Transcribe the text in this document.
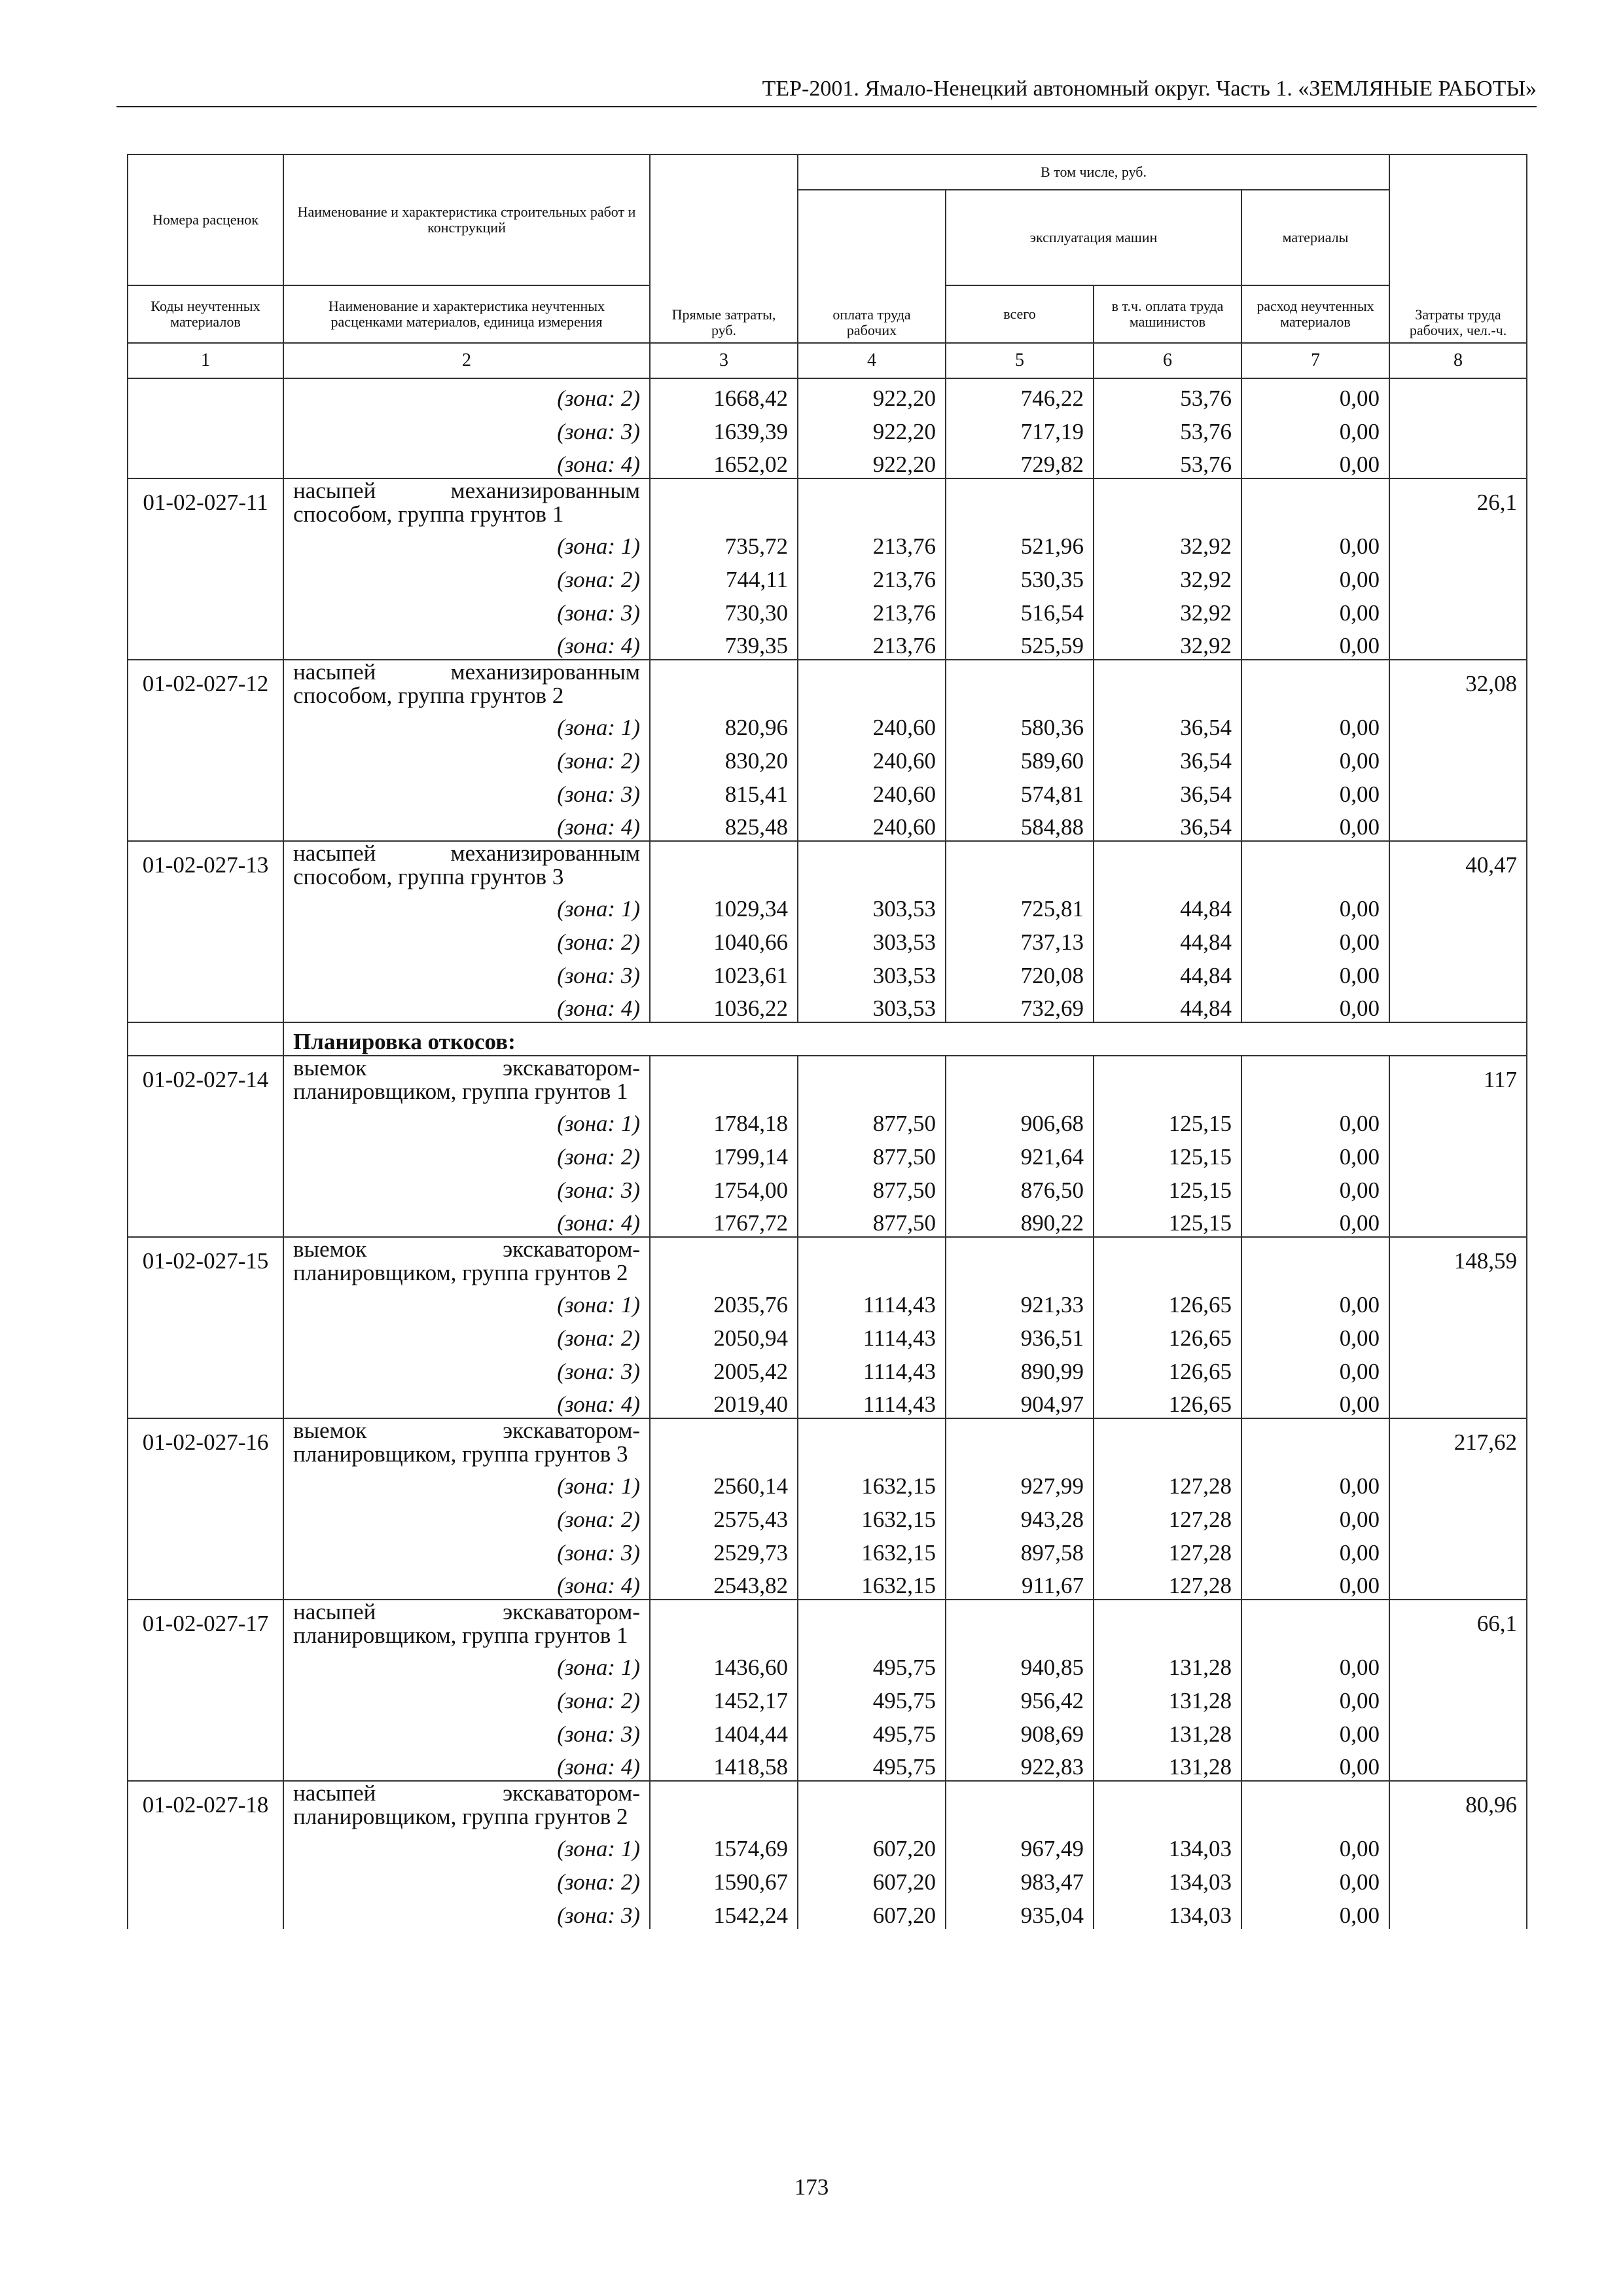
ТЕР-2001. Ямало-Ненецкий автономный округ. Часть 1. «ЗЕМЛЯНЫЕ РАБОТЫ»
Номера расценок	Наименование и характеристика строительных работ и конструкций	Прямые затраты, руб.	В том числе, руб.				Затраты труда рабочих, чел.-ч.
			оплата труда рабочих	эксплуатация машин		материалы	
Коды неучтенных материалов	Наименование и характеристика неучтенных расценками материалов, единица измерения			всего	в т.ч. оплата труда машинистов	расход неучтенных материалов	
1	2	3	4	5	6	7	8
	(зона: 2)	1668,42	922,20	746,22	53,76	0,00	
	(зона: 3)	1639,39	922,20	717,19	53,76	0,00	
	(зона: 4)	1652,02	922,20	729,82	53,76	0,00	
01-02-027-11	насыпей механизированным способом, группа грунтов 1						26,1
	(зона: 1)	735,72	213,76	521,96	32,92	0,00	
	(зона: 2)	744,11	213,76	530,35	32,92	0,00	
	(зона: 3)	730,30	213,76	516,54	32,92	0,00	
	(зона: 4)	739,35	213,76	525,59	32,92	0,00	
01-02-027-12	насыпей механизированным способом, группа грунтов 2						32,08
	(зона: 1)	820,96	240,60	580,36	36,54	0,00	
	(зона: 2)	830,20	240,60	589,60	36,54	0,00	
	(зона: 3)	815,41	240,60	574,81	36,54	0,00	
	(зона: 4)	825,48	240,60	584,88	36,54	0,00	
01-02-027-13	насыпей механизированным способом, группа грунтов 3						40,47
	(зона: 1)	1029,34	303,53	725,81	44,84	0,00	
	(зона: 2)	1040,66	303,53	737,13	44,84	0,00	
	(зона: 3)	1023,61	303,53	720,08	44,84	0,00	
	(зона: 4)	1036,22	303,53	732,69	44,84	0,00	
	Планировка откосов:						
01-02-027-14	выемок экскаватором-планировщиком, группа грунтов 1						117
	(зона: 1)	1784,18	877,50	906,68	125,15	0,00	
	(зона: 2)	1799,14	877,50	921,64	125,15	0,00	
	(зона: 3)	1754,00	877,50	876,50	125,15	0,00	
	(зона: 4)	1767,72	877,50	890,22	125,15	0,00	
01-02-027-15	выемок экскаватором-планировщиком, группа грунтов 2						148,59
	(зона: 1)	2035,76	1114,43	921,33	126,65	0,00	
	(зона: 2)	2050,94	1114,43	936,51	126,65	0,00	
	(зона: 3)	2005,42	1114,43	890,99	126,65	0,00	
	(зона: 4)	2019,40	1114,43	904,97	126,65	0,00	
01-02-027-16	выемок экскаватором-планировщиком, группа грунтов 3						217,62
	(зона: 1)	2560,14	1632,15	927,99	127,28	0,00	
	(зона: 2)	2575,43	1632,15	943,28	127,28	0,00	
	(зона: 3)	2529,73	1632,15	897,58	127,28	0,00	
	(зона: 4)	2543,82	1632,15	911,67	127,28	0,00	
01-02-027-17	насыпей экскаватором-планировщиком, группа грунтов 1						66,1
	(зона: 1)	1436,60	495,75	940,85	131,28	0,00	
	(зона: 2)	1452,17	495,75	956,42	131,28	0,00	
	(зона: 3)	1404,44	495,75	908,69	131,28	0,00	
	(зона: 4)	1418,58	495,75	922,83	131,28	0,00	
01-02-027-18	насыпей экскаватором-планировщиком, группа грунтов 2						80,96
	(зона: 1)	1574,69	607,20	967,49	134,03	0,00	
	(зона: 2)	1590,67	607,20	983,47	134,03	0,00	
	(зона: 3)	1542,24	607,20	935,04	134,03	0,00	
173
